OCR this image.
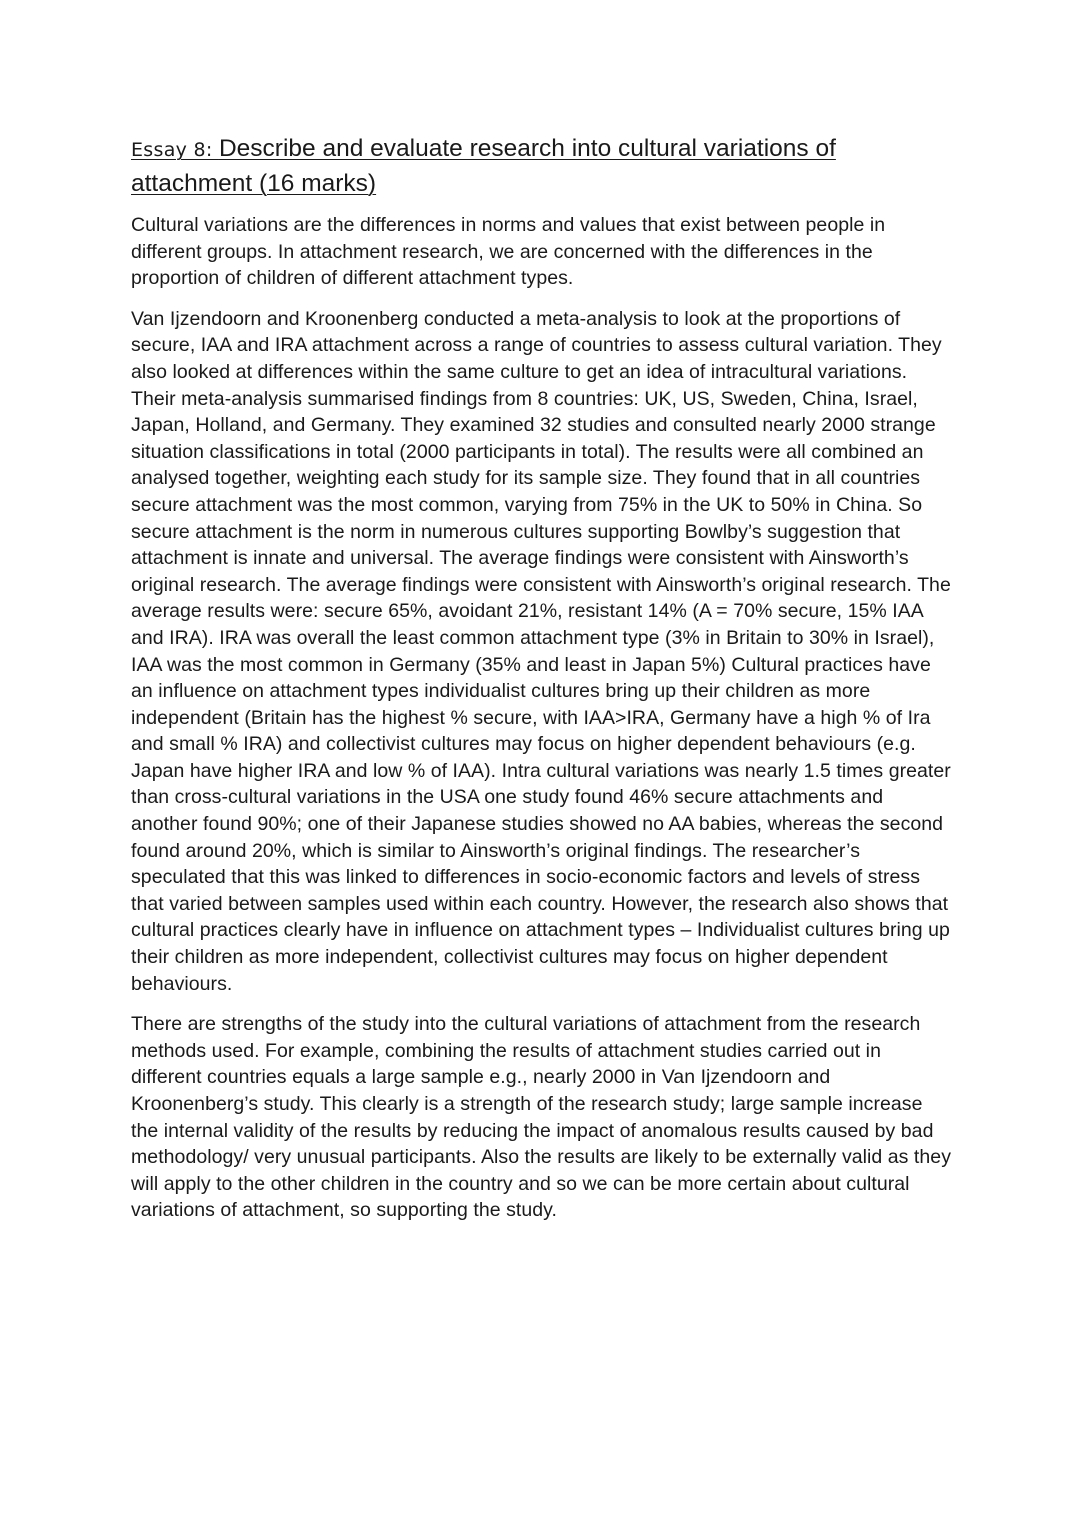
Essay 8: Describe and evaluate research into cultural variations of attachment (16 marks)

Cultural variations are the differences in norms and values that exist between people in different groups. In attachment research, we are concerned with the differences in the proportion of children of different attachment types.

Van Ijzendoorn and Kroonenberg conducted a meta-analysis to look at the proportions of secure, IAA and IRA attachment across a range of countries to assess cultural variation. They also looked at differences within the same culture to get an idea of intracultural variations. Their meta-analysis summarised findings from 8 countries: UK, US, Sweden, China, Israel, Japan, Holland, and Germany. They examined 32 studies and consulted nearly 2000 strange situation classifications in total (2000 participants in total). The results were all combined an analysed together, weighting each study for its sample size. They found that in all countries secure attachment was the most common, varying from 75% in the UK to 50% in China. So secure attachment is the norm in numerous cultures supporting Bowlby’s suggestion that attachment is innate and universal. The average findings were consistent with Ainsworth’s original research. The average findings were consistent with Ainsworth’s original research. The average results were: secure 65%, avoidant 21%, resistant 14% (A = 70% secure, 15% IAA and IRA). IRA was overall the least common attachment type (3% in Britain to 30% in Israel), IAA was the most common in Germany (35% and least in Japan 5%) Cultural practices have an influence on attachment types individualist cultures bring up their children as more independent (Britain has the highest % secure, with IAA>IRA, Germany have a high % of Ira and small % IRA) and collectivist cultures may focus on higher dependent behaviours (e.g. Japan have higher IRA and low % of IAA). Intra cultural variations was nearly 1.5 times greater than cross-cultural variations in the USA one study found 46% secure attachments and another found 90%; one of their Japanese studies showed no AA babies, whereas the second found around 20%, which is similar to Ainsworth’s original findings. The researcher’s speculated that this was linked to differences in socio-economic factors and levels of stress that varied between samples used within each country. However, the research also shows that cultural practices clearly have in influence on attachment types – Individualist cultures bring up their children as more independent, collectivist cultures may focus on higher dependent behaviours.

There are strengths of the study into the cultural variations of attachment from the research methods used. For example, combining the results of attachment studies carried out in different countries equals a large sample e.g., nearly 2000 in Van Ijzendoorn and Kroonenberg’s study. This clearly is a strength of the research study; large sample increase the internal validity of the results by reducing the impact of anomalous results caused by bad methodology/ very unusual participants. Also the results are likely to be externally valid as they will apply to the other children in the country and so we can be more certain about cultural variations of attachment, so supporting the study.
